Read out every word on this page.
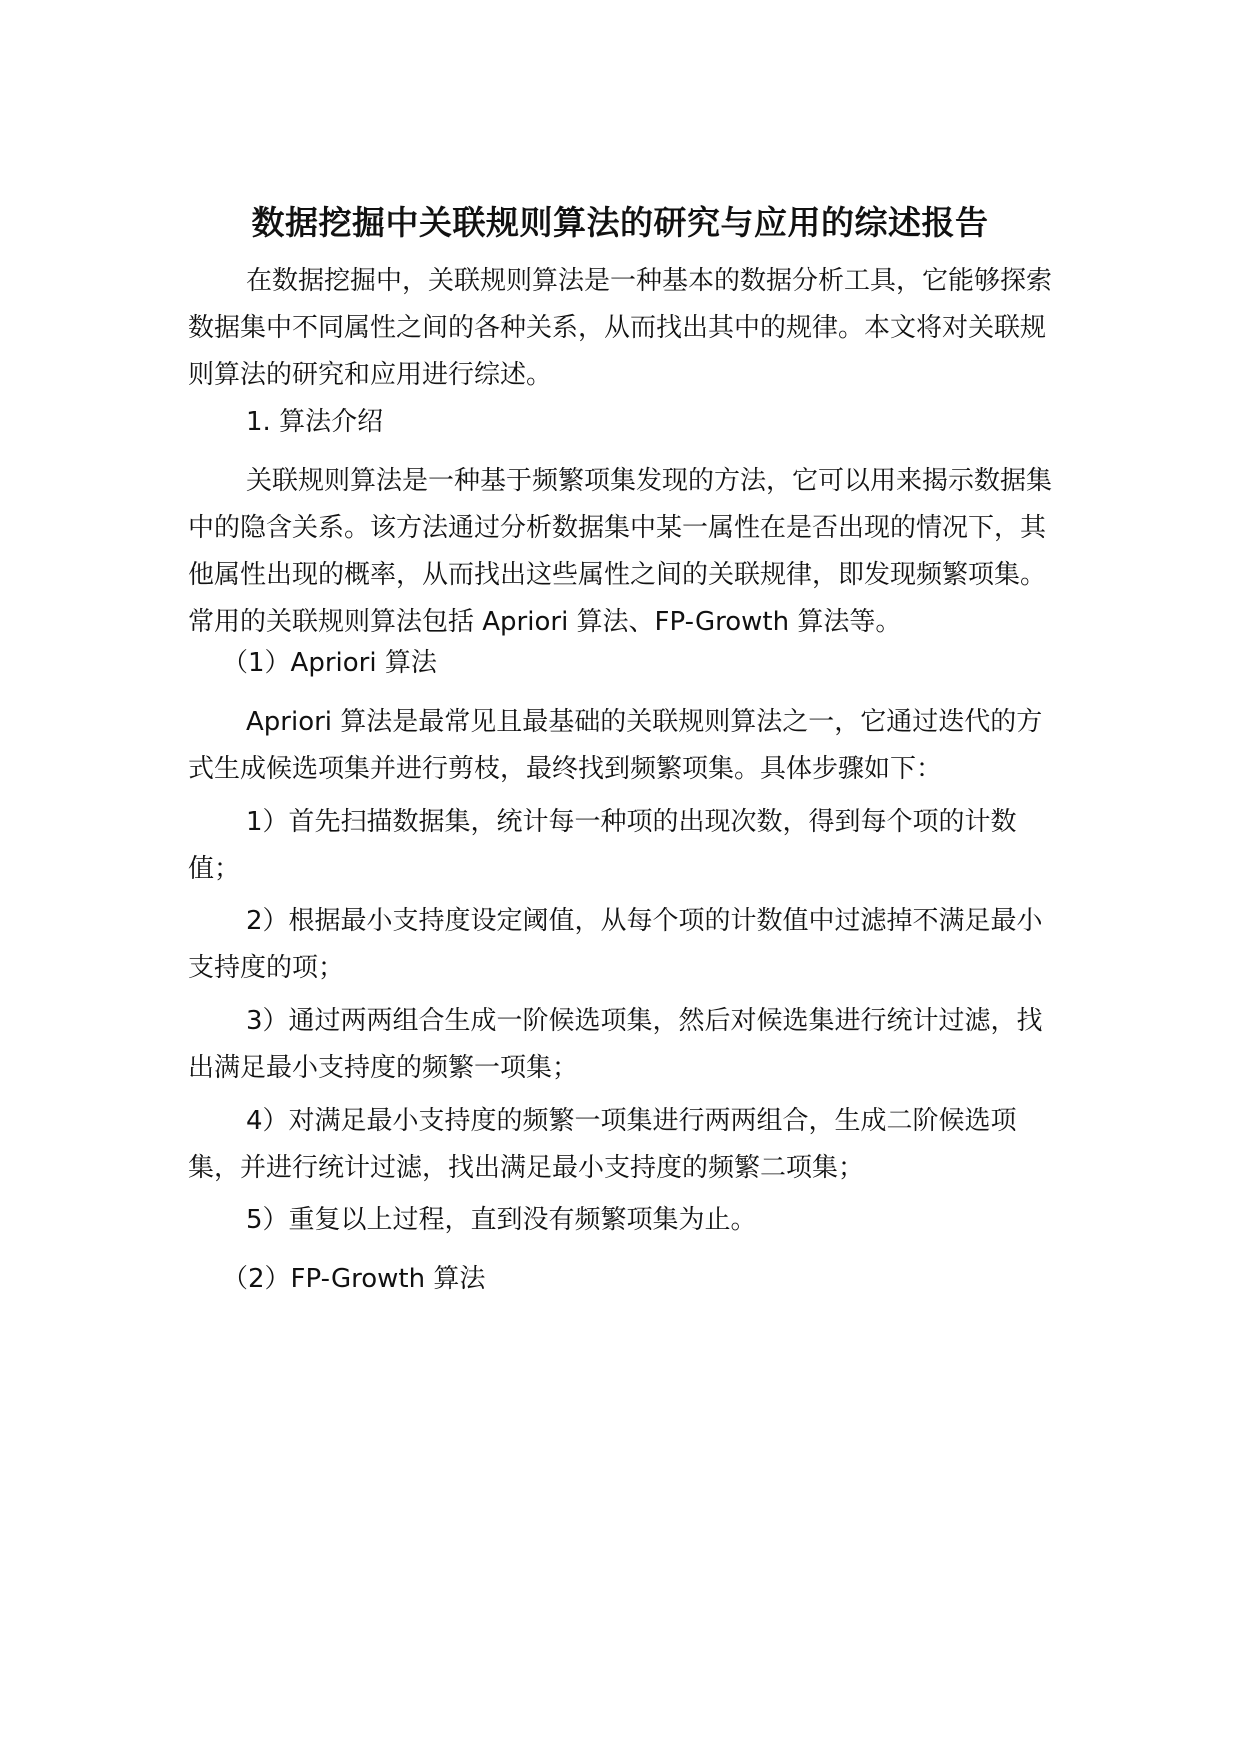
数据挖掘中关联规则算法的研究与应用的综述报告

在数据挖掘中，关联规则算法是一种基本的数据分析工具，它能够探索数据集中不同属性之间的各种关系，从而找出其中的规律。本文将对关联规则算法的研究和应用进行综述。

1. 算法介绍

关联规则算法是一种基于频繁项集发现的方法，它可以用来揭示数据集中的隐含关系。该方法通过分析数据集中某一属性在是否出现的情况下，其他属性出现的概率，从而找出这些属性之间的关联规律，即发现频繁项集。常用的关联规则算法包括 Apriori 算法、FP-Growth 算法等。

（1）Apriori 算法

Apriori 算法是最常见且最基础的关联规则算法之一，它通过迭代的方式生成候选项集并进行剪枝，最终找到频繁项集。具体步骤如下：

1）首先扫描数据集，统计每一种项的出现次数，得到每个项的计数值；

2）根据最小支持度设定阈值，从每个项的计数值中过滤掉不满足最小支持度的项；

3）通过两两组合生成一阶候选项集，然后对候选集进行统计过滤，找出满足最小支持度的频繁一项集；

4）对满足最小支持度的频繁一项集进行两两组合，生成二阶候选项集，并进行统计过滤，找出满足最小支持度的频繁二项集；

5）重复以上过程，直到没有频繁项集为止。

（2）FP-Growth 算法
